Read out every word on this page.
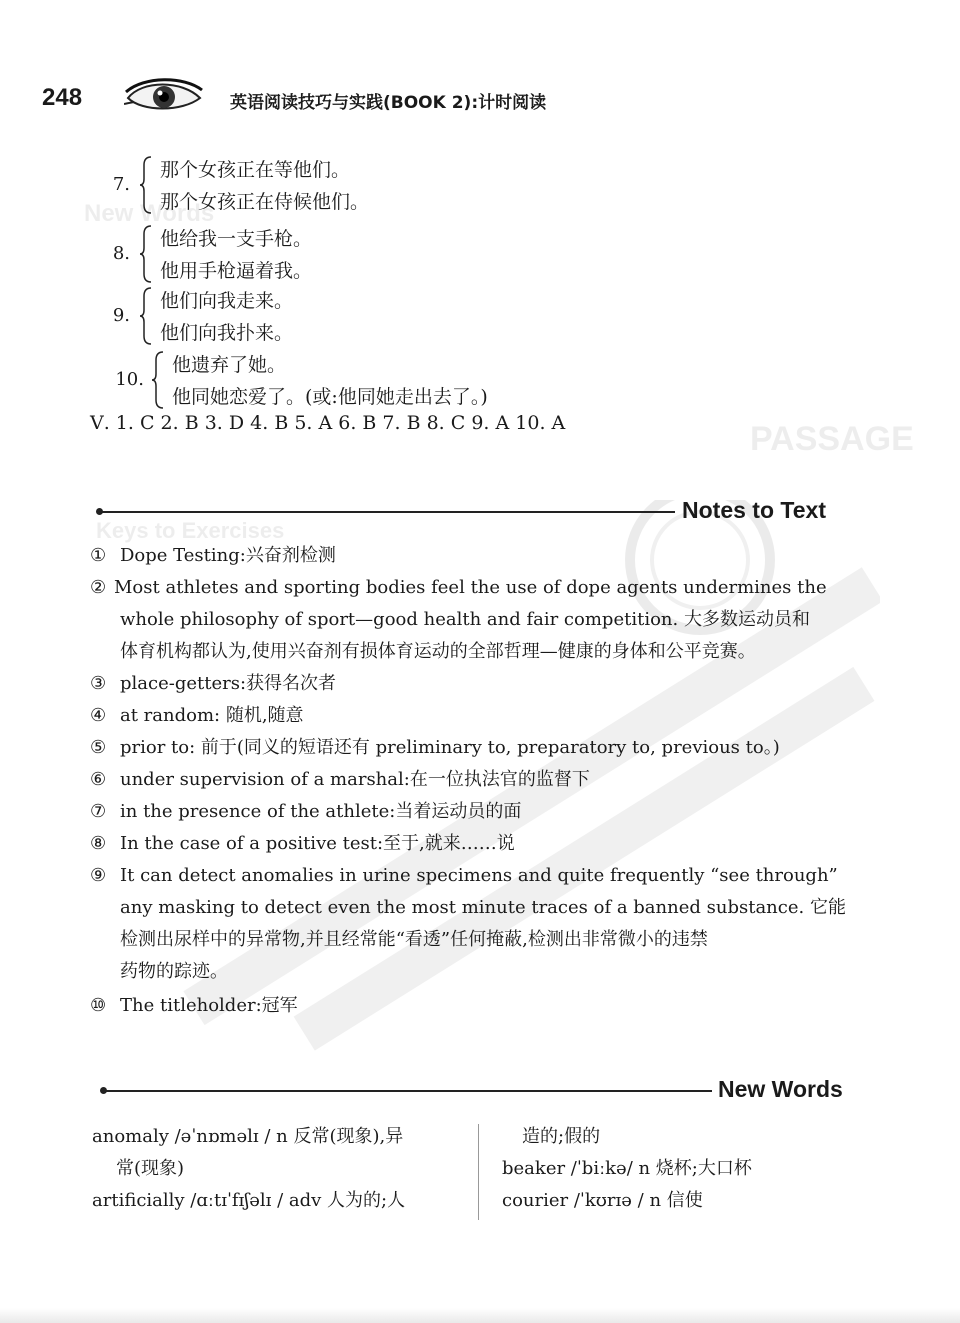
New Words
PASSAGE
Keys to Exercises
248	英语阅读技巧与实践(BOOK 2):计时阅读
7.
那个女孩正在等他们。
那个女孩正在侍候他们。
8.
他给我一支手枪。
他用手枪逼着我。
9.
他们向我走来。
他们向我扑来。
10.
他遗弃了她。
他同她恋爱了。(或:他同她走出去了。)
Ⅴ. 1. C 2. B 3. D 4. B 5. A 6. B 7. B 8. C 9. A 10. A
Notes to Text
① Dope Testing:兴奋剂检测
② Most athletes and sporting bodies feel the use of dope agents undermines the
whole philosophy of sport—good health and fair competition. 大多数运动员和
体育机构都认为,使用兴奋剂有损体育运动的全部哲理—健康的身体和公平竞赛。
③ place-getters:获得名次者
④ at random: 随机,随意
⑤ prior to: 前于(同义的短语还有 preliminary to, preparatory to, previous to。)
⑥ under supervision of a marshal:在一位执法官的监督下
⑦ in the presence of the athlete:当着运动员的面
⑧ In the case of a positive test:至于,就来……说
⑨ It can detect anomalies in urine specimens and quite frequently “see through”
any masking to detect even the most minute traces of a banned substance. 它能
检测出尿样中的异常物,并且经常能“看透”任何掩蔽,检测出非常微小的违禁
药物的踪迹。
⑩ The titleholder:冠军
New Words
anomaly /əˈnɒməlɪ / n 反常(现象),异
常(现象)
artificially /ɑːtɪˈfɪʃəlɪ / adv 人为的;人
造的;假的
beaker /ˈbiːkə/ n 烧杯;大口杯
courier /ˈkʊrɪə / n 信使
